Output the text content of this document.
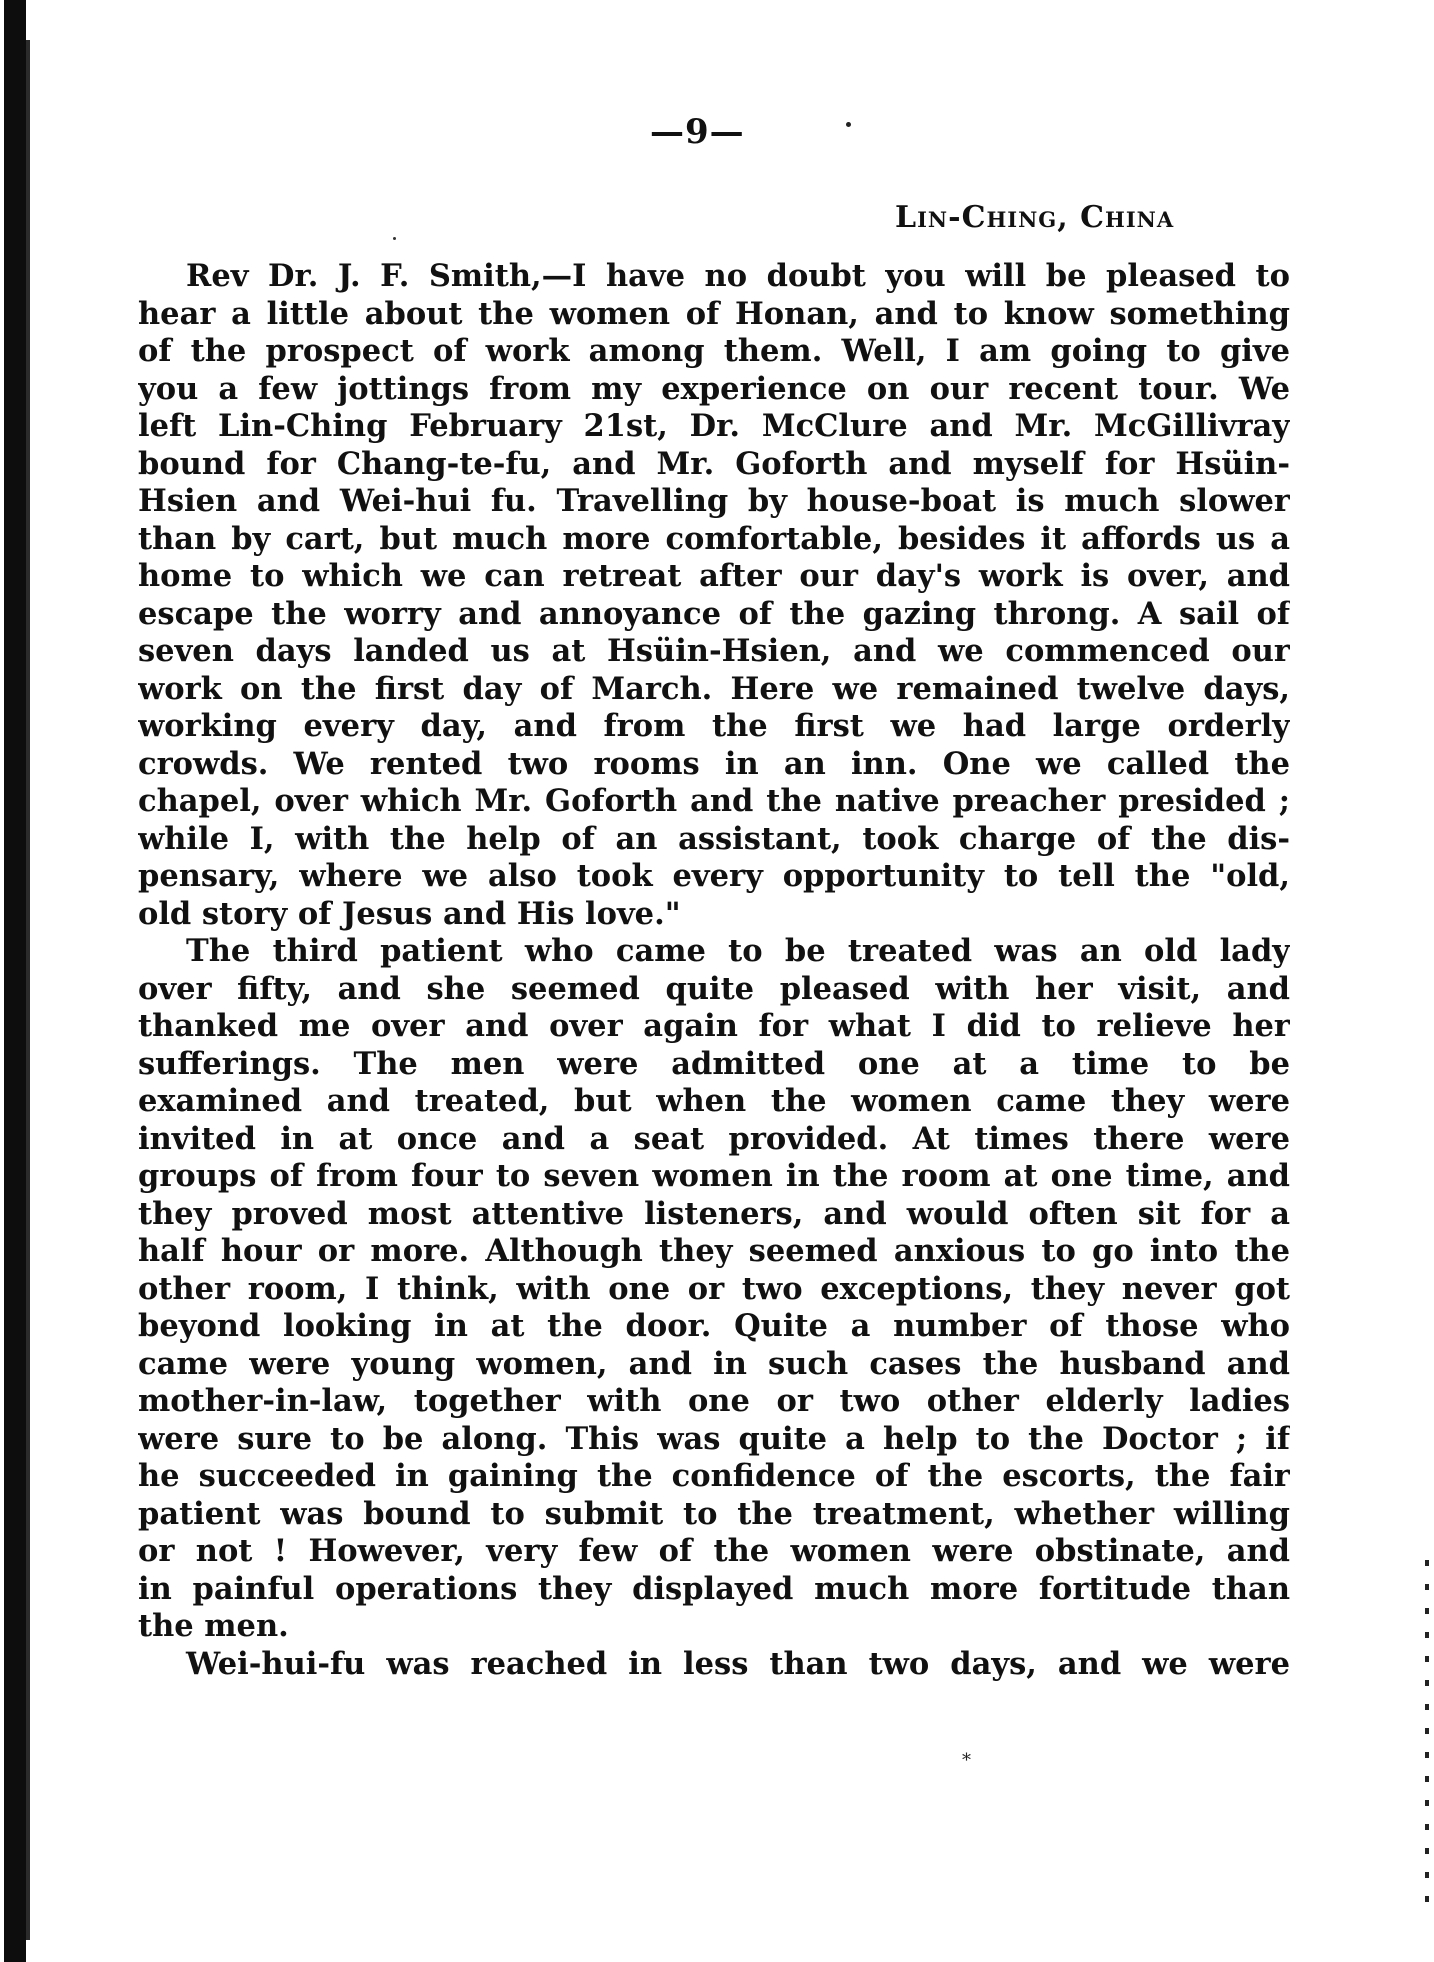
—9—
*
Lin-Ching, China
Rev Dr. J. F. Smith,—I have no doubt you will be pleased to
hear a little about the women of Honan, and to know something
of the prospect of work among them. Well, I am going to give
you a few jottings from my experience on our recent tour. We
left Lin-Ching February 21st, Dr. McClure and Mr. McGillivray
bound for Chang-te-fu, and Mr. Goforth and myself for Hsüin-
Hsien and Wei-hui fu. Travelling by house-boat is much slower
than by cart, but much more comfortable, besides it affords us a
home to which we can retreat after our day's work is over, and
escape the worry and annoyance of the gazing throng. A sail of
seven days landed us at Hsüin-Hsien, and we commenced our
work on the first day of March. Here we remained twelve days,
working every day, and from the first we had large orderly
crowds. We rented two rooms in an inn. One we called the
chapel, over which Mr. Goforth and the native preacher presided ;
while I, with the help of an assistant, took charge of the dis-
pensary, where we also took every opportunity to tell the "old,
old story of Jesus and His love."
The third patient who came to be treated was an old lady
over fifty, and she seemed quite pleased with her visit, and
thanked me over and over again for what I did to relieve her
sufferings. The men were admitted one at a time to be
examined and treated, but when the women came they were
invited in at once and a seat provided. At times there were
groups of from four to seven women in the room at one time, and
they proved most attentive listeners, and would often sit for a
half hour or more. Although they seemed anxious to go into the
other room, I think, with one or two exceptions, they never got
beyond looking in at the door. Quite a number of those who
came were young women, and in such cases the husband and
mother-in-law, together with one or two other elderly ladies
were sure to be along. This was quite a help to the Doctor ; if
he succeeded in gaining the confidence of the escorts, the fair
patient was bound to submit to the treatment, whether willing
or not ! However, very few of the women were obstinate, and
in painful operations they displayed much more fortitude than
the men.
Wei-hui-fu was reached in less than two days, and we were
